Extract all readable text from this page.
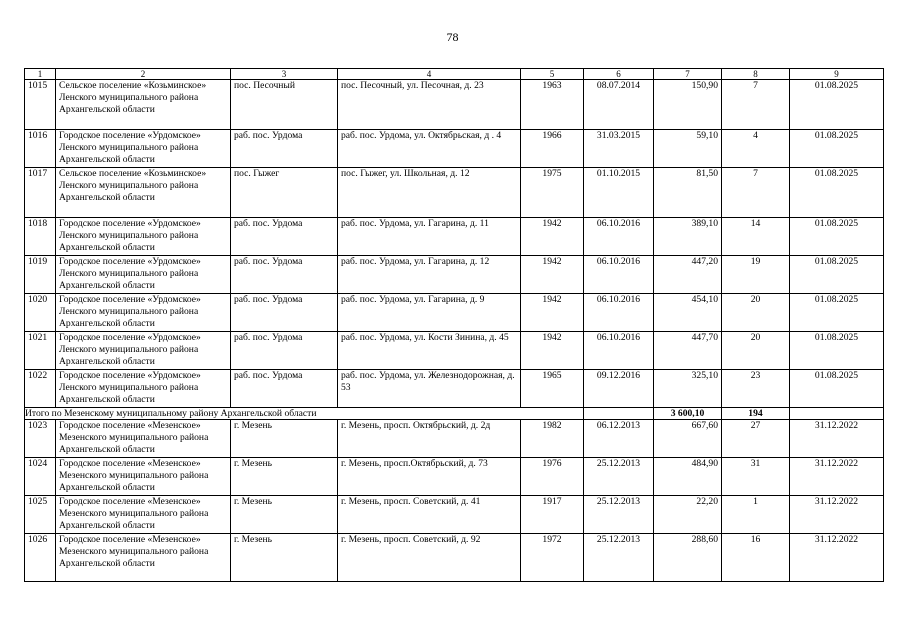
78
1	2	3	4	5	6	7	8	9
1015	Сельское поселение «Козьминское» Ленского муниципального района Архангельской области	пос. Песочный	пос. Песочный, ул. Песочная, д. 23	1963	08.07.2014	150,90	7	01.08.2025
1016	Городское поселение «Урдомское» Ленского муниципального района Архангельской области	раб. пос. Урдома	раб. пос. Урдома, ул. Октябрьская, д . 4	1966	31.03.2015	59,10	4	01.08.2025
1017	Сельское поселение «Козьминское» Ленского муниципального района Архангельской области	пос. Гыжег	пос. Гыжег, ул. Школьная, д. 12	1975	01.10.2015	81,50	7	01.08.2025
1018	Городское поселение «Урдомское» Ленского муниципального района Архангельской области	раб. пос. Урдома	раб. пос. Урдома, ул. Гагарина, д. 11	1942	06.10.2016	389,10	14	01.08.2025
1019	Городское поселение «Урдомское» Ленского муниципального района Архангельской области	раб. пос. Урдома	раб. пос. Урдома, ул. Гагарина, д. 12	1942	06.10.2016	447,20	19	01.08.2025
1020	Городское поселение «Урдомское» Ленского муниципального района Архангельской области	раб. пос. Урдома	раб. пос. Урдома, ул. Гагарина, д. 9	1942	06.10.2016	454,10	20	01.08.2025
1021	Городское поселение «Урдомское» Ленского муниципального района Архангельской области	раб. пос. Урдома	раб. пос. Урдома, ул. Кости Зинина, д. 45	1942	06.10.2016	447,70	20	01.08.2025
1022	Городское поселение «Урдомское» Ленского муниципального района Архангельской области	раб. пос. Урдома	раб. пос. Урдома, ул. Железнодорожная, д. 53	1965	09.12.2016	325,10	23	01.08.2025
Итого по Мезенскому муниципальному району Архангельской области						3 600,10	194	
1023	Городское поселение «Мезенское» Мезенского муниципального района Архангельской области	г. Мезень	г. Мезень, просп. Октябрьский, д. 2д	1982	06.12.2013	667,60	27	31.12.2022
1024	Городское поселение «Мезенское» Мезенского муниципального района Архангельской области	г. Мезень	г. Мезень, просп.Октябрьский, д. 73	1976	25.12.2013	484,90	31	31.12.2022
1025	Городское поселение «Мезенское» Мезенского муниципального района Архангельской области	г. Мезень	г. Мезень, просп. Советский, д. 41	1917	25.12.2013	22,20	1	31.12.2022
1026	Городское поселение «Мезенское» Мезенского муниципального района Архангельской области	г. Мезень	г. Мезень, просп. Советский, д. 92	1972	25.12.2013	288,60	16	31.12.2022
